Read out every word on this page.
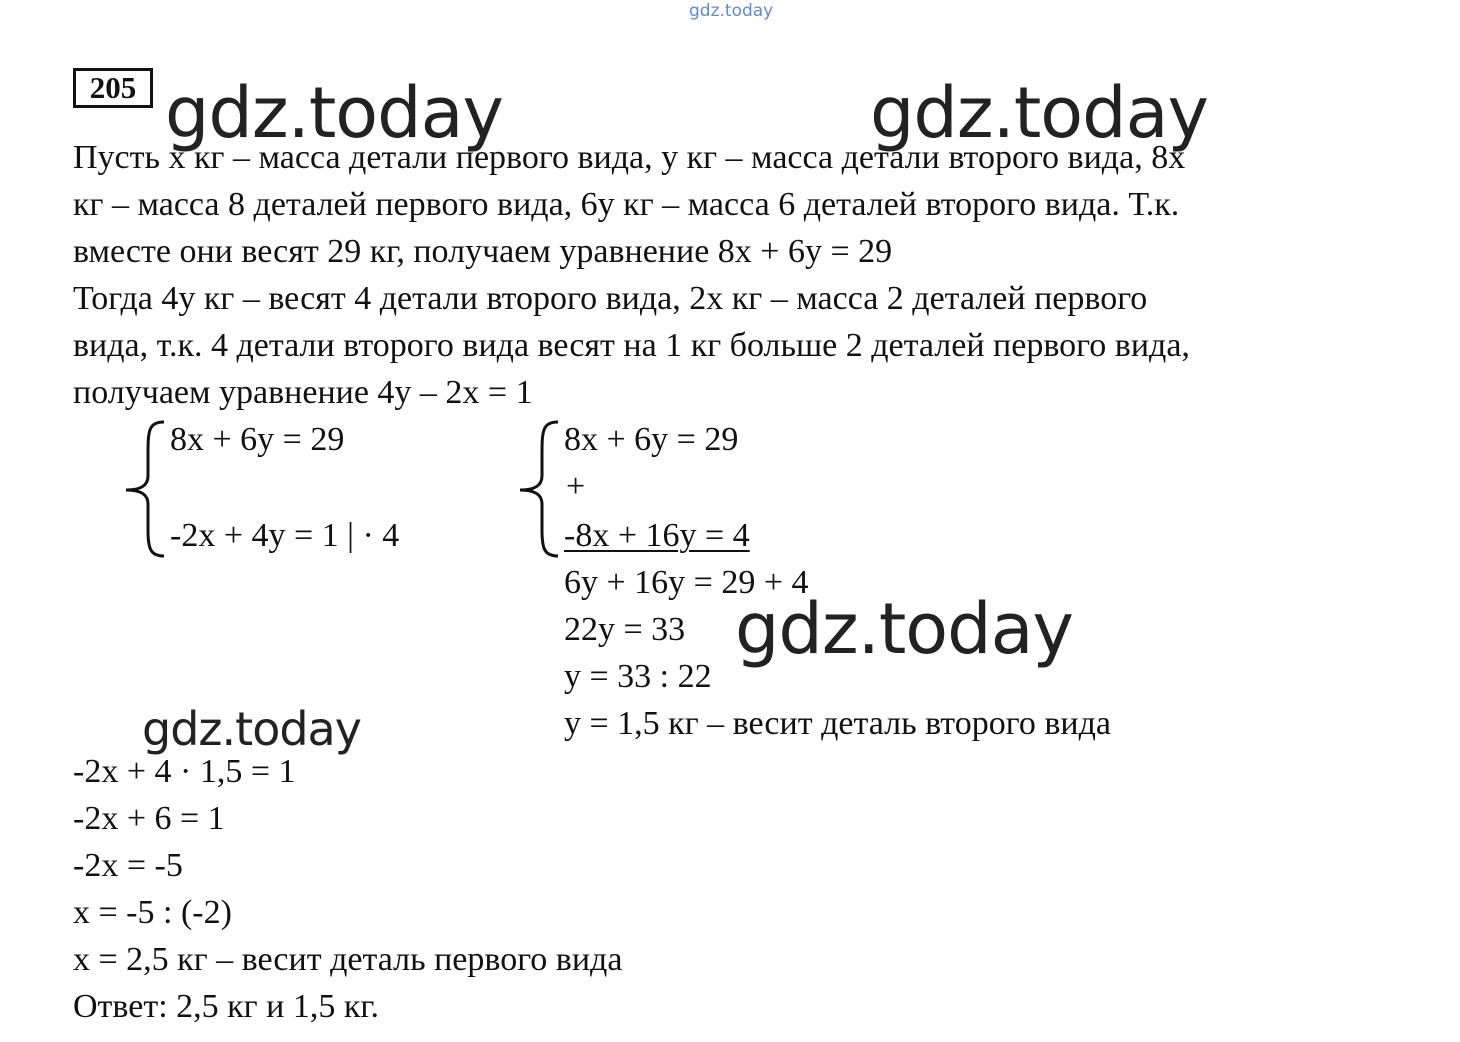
gdz.today
205
Пусть х кг – масса детали первого вида, у кг – масса детали второго вида, 8х
кг – масса 8 деталей первого вида, 6у кг – масса 6 деталей второго вида. Т.к.
вместе они весят 29 кг, получаем уравнение 8х + 6у = 29
Тогда 4у кг – весят 4 детали второго вида, 2х кг – масса 2 деталей первого
вида, т.к. 4 детали второго вида весят на 1 кг больше 2 деталей первого вида,
получаем уравнение 4у – 2х = 1
8х + 6у = 29
-2х + 4у = 1 | · 4
8х + 6у = 29
+
-8х + 16у = 4
6у + 16у = 29 + 4
22у = 33
у = 33 : 22
у = 1,5 кг – весит деталь второго вида
-2х + 4 · 1,5 = 1
-2х + 6 = 1
-2х = -5
х = -5 : (-2)
х = 2,5 кг – весит деталь первого вида
Ответ: 2,5 кг и 1,5 кг.
gdz.today	gdz.today
gdz.today
gdz.today
